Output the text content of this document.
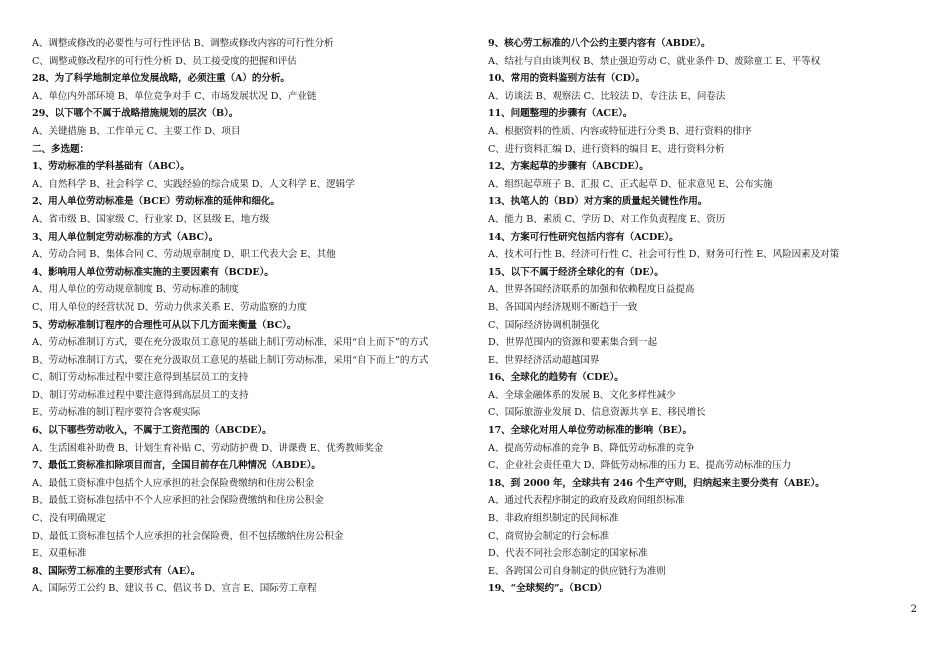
A、调整或修改的必要性与可行性评估 B、调整或修改内容的可行性分析
C、调整或修改程序的可行性分析 D、员工接受度的把握和评估
28、为了科学地制定单位发展战略，必须注重（A）的分析。
A、单位内外部环境 B、单位竞争对手 C、市场发展状况 D、产业链
29、以下哪个不属于战略措施规划的层次（B）。
A、关键措施 B、工作单元 C、主要工作 D、项目
二、多选题：
1、劳动标准的学科基础有（ABC）。
A、自然科学 B、社会科学 C、实践经验的综合成果 D、人文科学 E、逻辑学
2、用人单位劳动标准是（BCE）劳动标准的延伸和细化。
A、省市级 B、国家级 C、行业家 D、区县级 E、地方级
3、用人单位制定劳动标准的方式（ABC）。
A、劳动合同 B、集体合同 C、劳动规章制度 D、职工代表大会 E、其他
4、影响用人单位劳动标准实施的主要因素有（BCDE）。
A、用人单位的劳动规章制度 B、劳动标准的制度
C、用人单位的经营状况 D、劳动力供求关系 E、劳动监察的力度
5、劳动标准制订程序的合理性可从以下几方面来衡量（BC）。
A、劳动标准制订方式，要在充分汲取员工意见的基础上制订劳动标准，采用“自上而下”的方式
B、劳动标准制订方式，要在充分汲取员工意见的基础上制订劳动标准，采用“自下而上”的方式
C、制订劳动标准过程中要注意得到基层员工的支持
D、制订劳动标准过程中要注意得到高层员工的支持
E、劳动标准的制订程序要符合客观实际
6、以下哪些劳动收入，不属于工资范围的（ABCDE）。
A、生活困难补助费 B、计划生育补贴 C、劳动防护费 D、讲课费 E、优秀教师奖金
7、最低工资标准扣除项目而言，全国目前存在几种情况（ABDE）。
A、最低工资标准中包括个人应承担的社会保险费缴纳和住房公积金
B、最低工资标准包括中不个人应承担的社会保险费缴纳和住房公积金
C、没有明确规定
D、最低工资标准包括个人应承担的社会保险费，但不包括缴纳住房公积金
E、双重标准
8、国际劳工标准的主要形式有（AE）。
A、国际劳工公约 B、建议书 C、倡议书 D、宣言 E、国际劳工章程
9、核心劳工标准的八个公约主要内容有（ABDE）。
A、结社与自由谈判权 B、禁止强迫劳动 C、就业条件 D、废除童工 E、平等权
10、常用的资料鉴别方法有（CD）。
A、访谈法 B、观察法 C、比较法 D、专注法 E、问卷法
11、问题整理的步骤有（ACE）。
A、根据资料的性质、内容或特征进行分类 B、进行资料的排序
C、进行资料汇编 D、进行资料的编目 E、进行资料分析
12、方案起草的步骤有（ABCDE）。
A、组织起草班子 B、汇报 C、正式起草 D、征求意见 E、公布实施
13、执笔人的（BD）对方案的质量起关键性作用。
A、能力 B、素质 C、学历 D、对工作负责程度 E、资历
14、方案可行性研究包括内容有（ACDE）。
A、技术可行性 B、经济可行性 C、社会可行性 D、财务可行性 E、风险因素及对策
15、以下不属于经济全球化的有（DE）。
A、世界各国经济联系的加强和依赖程度日益提高
B、各国国内经济规则不断趋于一致
C、国际经济协调机制强化
D、世界范围内的资源和要素集合到一起
E、世界经济活动超越国界
16、全球化的趋势有（CDE）。
A、全球金融体系的发展 B、文化多样性减少
C、国际旅游业发展 D、信息资源共享 E、移民增长
17、全球化对用人单位劳动标准的影响（BE）。
A、提高劳动标准的竞争 B、降低劳动标准的竞争
C、企业社会责任重大 D、降低劳动标准的压力 E、提高劳动标准的压力
18、到 2000 年，全球共有 246 个生产守则，归纳起来主要分类有（ABE）。
A、通过代表程序制定的政府及政府间组织标准
B、非政府组织制定的民间标准
C、商贸协会制定的行会标准
D、代表不同社会形态制定的国家标准
E、各跨国公司自身制定的供应链行为准则
19、“全球契约”。（BCD）
2
